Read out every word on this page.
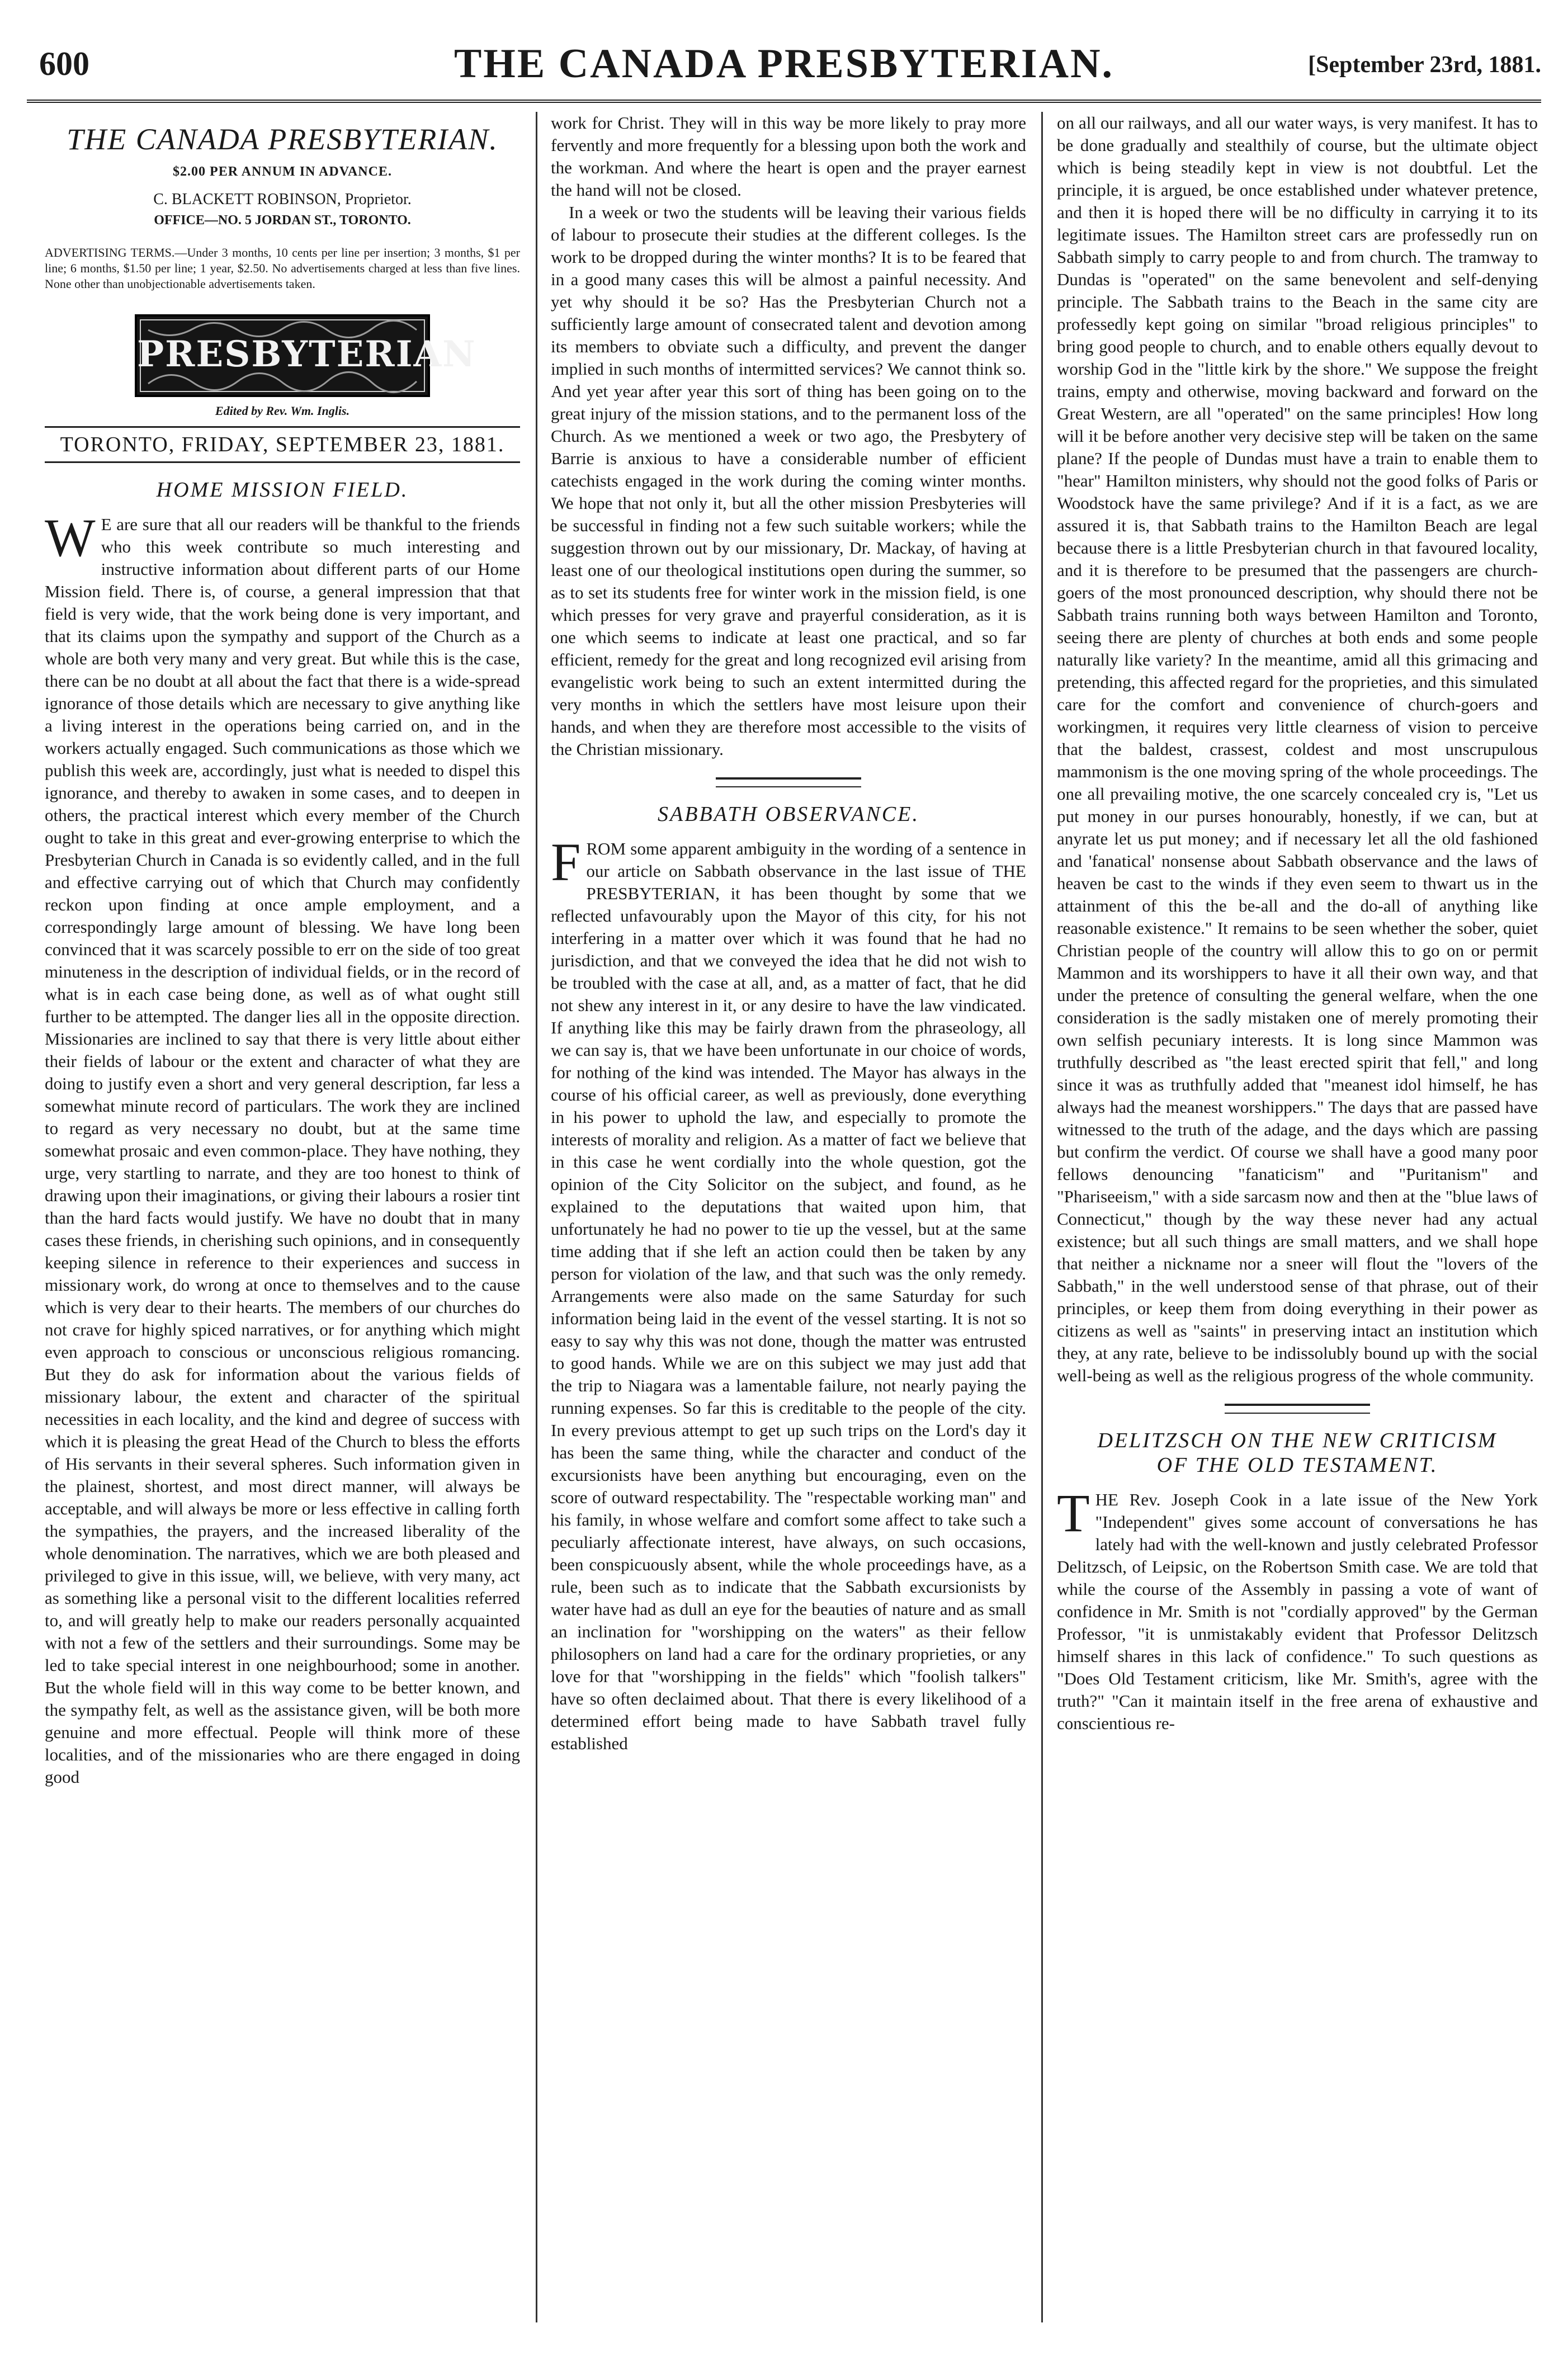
600	THE CANADA PRESBYTERIAN.	[September 23rd, 1881.
THE CANADA PRESBYTERIAN.
$2.00 PER ANNUM IN ADVANCE.
C. BLACKETT ROBINSON, Proprietor.
OFFICE—NO. 5 JORDAN ST., TORONTO.
ADVERTISING TERMS.—Under 3 months, 10 cents per line per insertion; 3 months, $1 per line; 6 months, $1.50 per line; 1 year, $2.50. No advertisements charged at less than five lines. None other than unobjectionable advertisements taken.
PRESBYTERIAN
Edited by Rev. Wm. Inglis.
TORONTO, FRIDAY, SEPTEMBER 23, 1881.
HOME MISSION FIELD.

W E are sure that all our readers will be thankful to the friends who this week contribute so much interesting and instructive information about different parts of our Home Mission field. There is, of course, a general impression that that field is very wide, that the work being done is very important, and that its claims upon the sympathy and support of the Church as a whole are both very many and very great. But while this is the case, there can be no doubt at all about the fact that there is a wide-spread ignorance of those details which are necessary to give anything like a living interest in the operations being carried on, and in the workers actually engaged. Such communications as those which we publish this week are, accordingly, just what is needed to dispel this ignorance, and thereby to awaken in some cases, and to deepen in others, the practical interest which every member of the Church ought to take in this great and ever-growing enterprise to which the Presbyterian Church in Canada is so evidently called, and in the full and effective carrying out of which that Church may confidently reckon upon finding at once ample employment, and a correspondingly large amount of blessing. We have long been convinced that it was scarcely possible to err on the side of too great minuteness in the description of individual fields, or in the record of what is in each case being done, as well as of what ought still further to be attempted. The danger lies all in the opposite direction. Missionaries are inclined to say that there is very little about either their fields of labour or the extent and character of what they are doing to justify even a short and very general description, far less a somewhat minute record of particulars. The work they are inclined to regard as very necessary no doubt, but at the same time somewhat prosaic and even common-place. They have nothing, they urge, very startling to narrate, and they are too honest to think of drawing upon their imaginations, or giving their labours a rosier tint than the hard facts would justify. We have no doubt that in many cases these friends, in cherishing such opinions, and in consequently keeping silence in reference to their experiences and success in missionary work, do wrong at once to themselves and to the cause which is very dear to their hearts. The members of our churches do not crave for highly spiced narratives, or for anything which might even approach to conscious or unconscious religious romancing. But they do ask for information about the various fields of missionary labour, the extent and character of the spiritual necessities in each locality, and the kind and degree of success with which it is pleasing the great Head of the Church to bless the efforts of His servants in their several spheres. Such information given in the plainest, shortest, and most direct manner, will always be acceptable, and will always be more or less effective in calling forth the sympathies, the prayers, and the increased liberality of the whole denomination. The narratives, which we are both pleased and privileged to give in this issue, will, we believe, with very many, act as something like a personal visit to the different localities referred to, and will greatly help to make our readers personally acquainted with not a few of the settlers and their surroundings. Some may be led to take special interest in one neighbourhood; some in another. But the whole field will in this way come to be better known, and the sympathy felt, as well as the assistance given, will be both more genuine and more effectual. People will think more of these localities, and of the missionaries who are there engaged in doing good

work for Christ. They will in this way be more likely to pray more fervently and more frequently for a blessing upon both the work and the workman. And where the heart is open and the prayer earnest the hand will not be closed.

In a week or two the students will be leaving their various fields of labour to prosecute their studies at the different colleges. Is the work to be dropped during the winter months? It is to be feared that in a good many cases this will be almost a painful necessity. And yet why should it be so? Has the Presbyterian Church not a sufficiently large amount of consecrated talent and devotion among its members to obviate such a difficulty, and prevent the danger implied in such months of intermitted services? We cannot think so. And yet year after year this sort of thing has been going on to the great injury of the mission stations, and to the permanent loss of the Church. As we mentioned a week or two ago, the Presbytery of Barrie is anxious to have a considerable number of efficient catechists engaged in the work during the coming winter months. We hope that not only it, but all the other mission Presbyteries will be successful in finding not a few such suitable workers; while the suggestion thrown out by our missionary, Dr. Mackay, of having at least one of our theological institutions open during the summer, so as to set its students free for winter work in the mission field, is one which presses for very grave and prayerful consideration, as it is one which seems to indicate at least one practical, and so far efficient, remedy for the great and long recognized evil arising from evangelistic work being to such an extent intermitted during the very months in which the settlers have most leisure upon their hands, and when they are therefore most accessible to the visits of the Christian missionary.

SABBATH OBSERVANCE.

FROM some apparent ambiguity in the wording of a sentence in our article on Sabbath observance in the last issue of THE PRESBYTERIAN, it has been thought by some that we reflected unfavourably upon the Mayor of this city, for his not interfering in a matter over which it was found that he had no jurisdiction, and that we conveyed the idea that he did not wish to be troubled with the case at all, and, as a matter of fact, that he did not shew any interest in it, or any desire to have the law vindicated. If anything like this may be fairly drawn from the phraseology, all we can say is, that we have been unfortunate in our choice of words, for nothing of the kind was intended. The Mayor has always in the course of his official career, as well as previously, done everything in his power to uphold the law, and especially to promote the interests of morality and religion. As a matter of fact we believe that in this case he went cordially into the whole question, got the opinion of the City Solicitor on the subject, and found, as he explained to the deputations that waited upon him, that unfortunately he had no power to tie up the vessel, but at the same time adding that if she left an action could then be taken by any person for violation of the law, and that such was the only remedy. Arrangements were also made on the same Saturday for such information being laid in the event of the vessel starting. It is not so easy to say why this was not done, though the matter was entrusted to good hands. While we are on this subject we may just add that the trip to Niagara was a lamentable failure, not nearly paying the running expenses. So far this is creditable to the people of the city. In every previous attempt to get up such trips on the Lord's day it has been the same thing, while the character and conduct of the excursionists have been anything but encouraging, even on the score of outward respectability. The "respectable working man" and his family, in whose welfare and comfort some affect to take such a peculiarly affectionate interest, have always, on such occasions, been conspicuously absent, while the whole proceedings have, as a rule, been such as to indicate that the Sabbath excursionists by water have had as dull an eye for the beauties of nature and as small an inclination for "worshipping on the waters" as their fellow philosophers on land had a care for the ordinary proprieties, or any love for that "worshipping in the fields" which "foolish talkers" have so often declaimed about. That there is every likelihood of a determined effort being made to have Sabbath travel fully established

on all our railways, and all our water ways, is very manifest. It has to be done gradually and stealthily of course, but the ultimate object which is being steadily kept in view is not doubtful. Let the principle, it is argued, be once established under whatever pretence, and then it is hoped there will be no difficulty in carrying it to its legitimate issues. The Hamilton street cars are professedly run on Sabbath simply to carry people to and from church. The tramway to Dundas is "operated" on the same benevolent and self-denying principle. The Sabbath trains to the Beach in the same city are professedly kept going on similar "broad religious principles" to bring good people to church, and to enable others equally devout to worship God in the "little kirk by the shore." We suppose the freight trains, empty and otherwise, moving backward and forward on the Great Western, are all "operated" on the same principles! How long will it be before another very decisive step will be taken on the same plane? If the people of Dundas must have a train to enable them to "hear" Hamilton ministers, why should not the good folks of Paris or Woodstock have the same privilege? And if it is a fact, as we are assured it is, that Sabbath trains to the Hamilton Beach are legal because there is a little Presbyterian church in that favoured locality, and it is therefore to be presumed that the passengers are church-goers of the most pronounced description, why should there not be Sabbath trains running both ways between Hamilton and Toronto, seeing there are plenty of churches at both ends and some people naturally like variety? In the meantime, amid all this grimacing and pretending, this affected regard for the proprieties, and this simulated care for the comfort and convenience of church-goers and workingmen, it requires very little clearness of vision to perceive that the baldest, crassest, coldest and most unscrupulous mammonism is the one moving spring of the whole proceedings. The one all prevailing motive, the one scarcely concealed cry is, "Let us put money in our purses honourably, honestly, if we can, but at anyrate let us put money; and if necessary let all the old fashioned and 'fanatical' nonsense about Sabbath observance and the laws of heaven be cast to the winds if they even seem to thwart us in the attainment of this the be-all and the do-all of anything like reasonable existence." It remains to be seen whether the sober, quiet Christian people of the country will allow this to go on or permit Mammon and its worshippers to have it all their own way, and that under the pretence of consulting the general welfare, when the one consideration is the sadly mistaken one of merely promoting their own selfish pecuniary interests. It is long since Mammon was truthfully described as "the least erected spirit that fell," and long since it was as truthfully added that "meanest idol himself, he has always had the meanest worshippers." The days that are passed have witnessed to the truth of the adage, and the days which are passing but confirm the verdict. Of course we shall have a good many poor fellows denouncing "fanaticism" and "Puritanism" and "Phariseeism," with a side sarcasm now and then at the "blue laws of Connecticut," though by the way these never had any actual existence; but all such things are small matters, and we shall hope that neither a nickname nor a sneer will flout the "lovers of the Sabbath," in the well understood sense of that phrase, out of their principles, or keep them from doing everything in their power as citizens as well as "saints" in preserving intact an institution which they, at any rate, believe to be indissolubly bound up with the social well-being as well as the religious progress of the whole community.

DELITZSCH ON THE NEW CRITICISM
OF THE OLD TESTAMENT.

THE Rev. Joseph Cook in a late issue of the New York "Independent" gives some account of conversations he has lately had with the well-known and justly celebrated Professor Delitzsch, of Leipsic, on the Robertson Smith case. We are told that while the course of the Assembly in passing a vote of want of confidence in Mr. Smith is not "cordially approved" by the German Professor, "it is unmistakably evident that Professor Delitzsch himself shares in this lack of confidence." To such questions as "Does Old Testament criticism, like Mr. Smith's, agree with the truth?" "Can it maintain itself in the free arena of exhaustive and conscientious re-
